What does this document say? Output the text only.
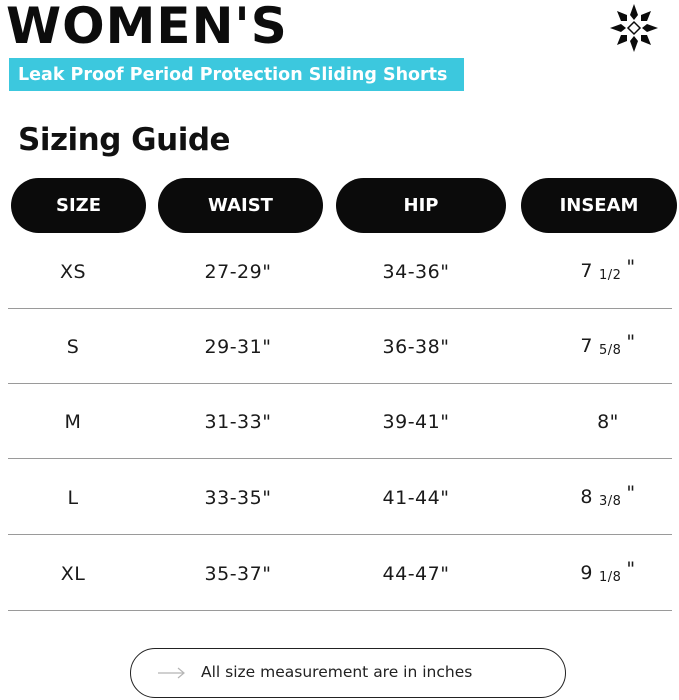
WOMEN'S
Leak Proof Period Protection Sliding Shorts
Sizing Guide
SIZE	WAIST	HIP	INSEAM
XS	27-29"	34-36"	7 1/2 "
S	29-31"	36-38"	7 5/8 "
M	31-33"	39-41"	8"
L	33-35"	41-44"	8 3/8 "
XL	35-37"	44-47"	9 1/8 "
All size measurement are in inches
